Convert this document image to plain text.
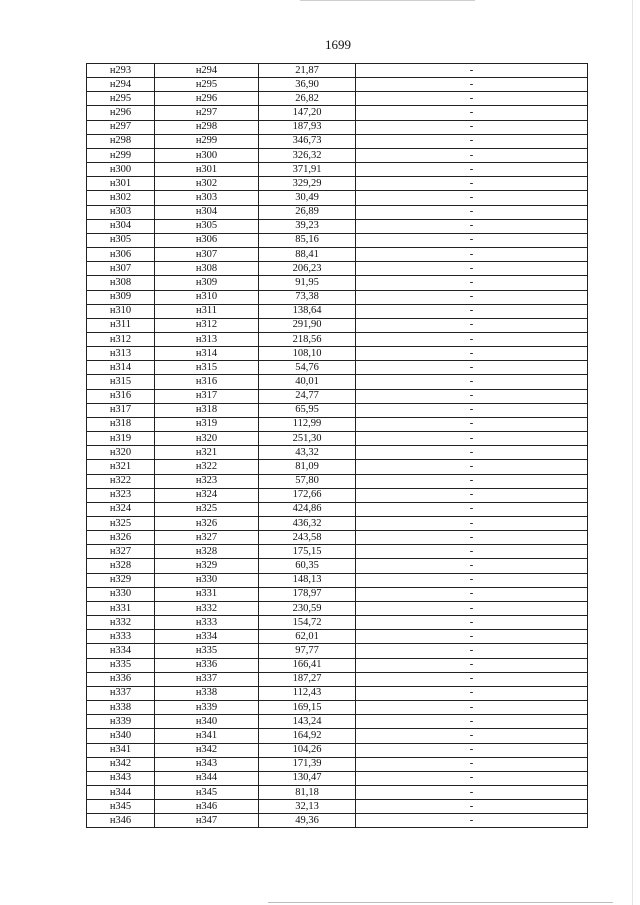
1699
н293	н294	21,87	-
н294	н295	36,90	-
н295	н296	26,82	-
н296	н297	147,20	-
н297	н298	187,93	-
н298	н299	346,73	-
н299	н300	326,32	-
н300	н301	371,91	-
н301	н302	329,29	-
н302	н303	30,49	-
н303	н304	26,89	-
н304	н305	39,23	-
н305	н306	85,16	-
н306	н307	88,41	-
н307	н308	206,23	-
н308	н309	91,95	-
н309	н310	73,38	-
н310	н311	138,64	-
н311	н312	291,90	-
н312	н313	218,56	-
н313	н314	108,10	-
н314	н315	54,76	-
н315	н316	40,01	-
н316	н317	24,77	-
н317	н318	65,95	-
н318	н319	112,99	-
н319	н320	251,30	-
н320	н321	43,32	-
н321	н322	81,09	-
н322	н323	57,80	-
н323	н324	172,66	-
н324	н325	424,86	-
н325	н326	436,32	-
н326	н327	243,58	-
н327	н328	175,15	-
н328	н329	60,35	-
н329	н330	148,13	-
н330	н331	178,97	-
н331	н332	230,59	-
н332	н333	154,72	-
н333	н334	62,01	-
н334	н335	97,77	-
н335	н336	166,41	-
н336	н337	187,27	-
н337	н338	112,43	-
н338	н339	169,15	-
н339	н340	143,24	-
н340	н341	164,92	-
н341	н342	104,26	-
н342	н343	171,39	-
н343	н344	130,47	-
н344	н345	81,18	-
н345	н346	32,13	-
н346	н347	49,36	-
